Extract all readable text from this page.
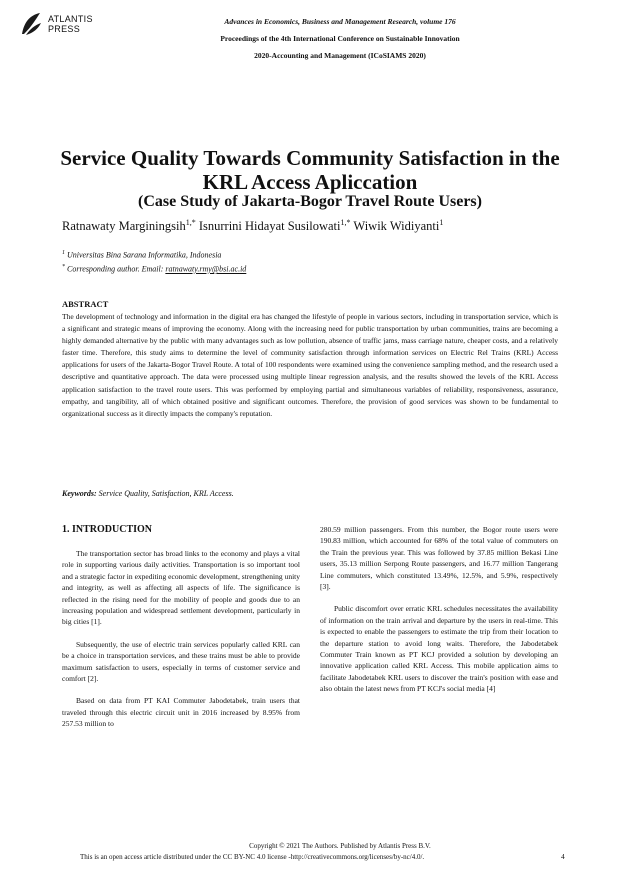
ATLANTIS
PRESS
Advances in Economics, Business and Management Research, volume 176
Proceedings of the 4th International Conference on Sustainable Innovation
2020-Accounting and Management (ICoSIAMS 2020)
Service Quality Towards Community Satisfaction in the KRL Access Apliccation
(Case Study of Jakarta-Bogor Travel Route Users)
Ratnawaty Marginingsih$^{1,*}$ Isnurrini Hidayat Susilowati$^{1,*}$ Wiwik Widiyanti$^1$
$^1$ Universitas Bina Sarana Informatika, Indonesia
* Corresponding author. Email: ratnawaty.rmy@bsi.ac.id
ABSTRACT
The development of technology and information in the digital era has changed the lifestyle of people in various sectors, including in transportation service, which is a significant and strategic means of improving the economy. Along with the increasing need for public transportation by urban communities, trains are becoming a highly demanded alternative by the public with many advantages such as low pollution, absence of traffic jams, mass carriage nature, cheaper costs, and a relatively faster time. Therefore, this study aims to determine the level of community satisfaction through information services on Electric Rel Trains (KRL) Access applications for users of the Jakarta-Bogor Travel Route. A total of 100 respondents were examined using the convenience sampling method, and the research used a descriptive and quantitative approach. The data were processed using multiple linear regression analysis, and the results showed the levels of the KRL Access application satisfaction to the travel route users. This was performed by employing partial and simultaneous variables of reliability, responsiveness, assurance, empathy, and tangibility, all of which obtained positive and significant outcomes. Therefore, the provision of good services was shown to be fundamental to organizational success as it directly impacts the company's reputation.
Keywords: Service Quality, Satisfaction, KRL Access.
1. INTRODUCTION

The transportation sector has broad links to the economy and plays a vital role in supporting various daily activities. Transportation is so important tool and a strategic factor in expediting economic development, strengthening unity and integrity, as well as affecting all aspects of life. The significance is reflected in the rising need for the mobility of people and goods due to an increasing population and widespread settlement development, particularly in big cities [1].

Subsequently, the use of electric train services popularly called KRL can be a choice in transportation services, and these trains must be able to provide maximum satisfaction to users, especially in terms of customer service and comfort [2].

Based on data from PT KAI Commuter Jabodetabek, train users that traveled through this electric circuit unit in 2016 increased by 8.95% from 257.53 million to

280.59 million passengers. From this number, the Bogor route users were 190.83 million, which accounted for 68% of the total value of commuters on the Train the previous year. This was followed by 37.85 million Bekasi Line users, 35.13 million Serpong Route passengers, and 16.77 million Tangerang Line commuters, which constituted 13.49%, 12.5%, and 5.9%, respectively [3].

Public discomfort over erratic KRL schedules necessitates the availability of information on the train arrival and departure by the users in real-time. This is expected to enable the passengers to estimate the trip from their location to the departure station to avoid long waits. Therefore, the Jabodetabek Commuter Train known as PT KCJ provided a solution by developing an innovative application called KRL Access. This mobile application aims to facilitate Jabodetabek KRL users to discover the train's position with ease and also obtain the latest news from PT KCJ's social media [4]

Copyright © 2021 The Authors. Published by Atlantis Press B.V.
This is an open access article distributed under the CC BY-NC 4.0 license -http://creativecommons.org/licenses/by-nc/4.0/.	4
